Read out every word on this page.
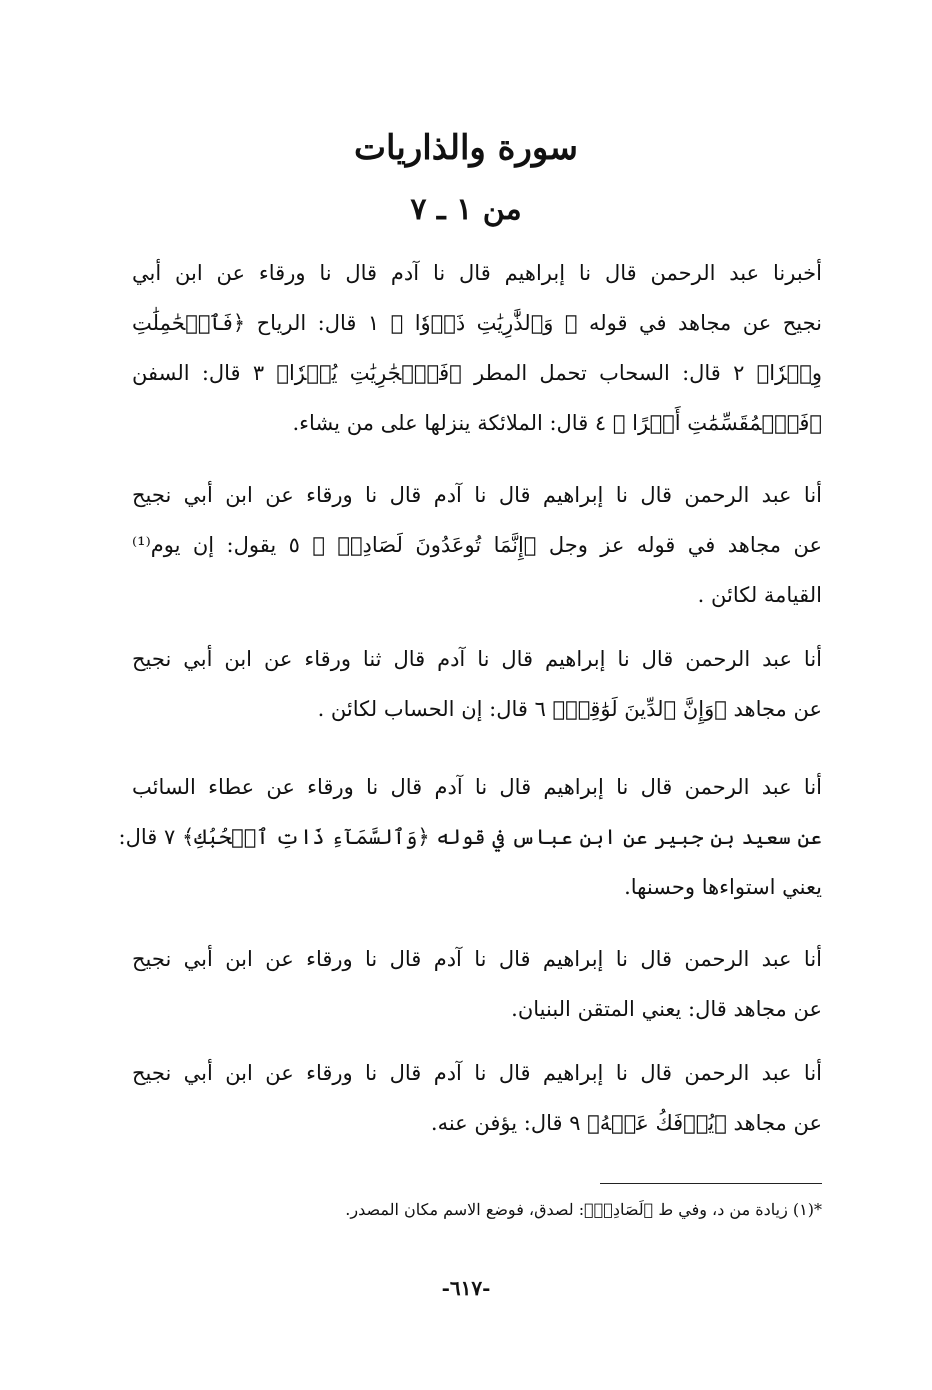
سورة والذاريات
من ١ ـ ٧
أخبرنا عبد الرحمن قال نا إبراهيم قال نا آدم قال نا ورقاء عن ابن أبي
نجيح عن مجاهد في قوله ﴿ وَٱلذَّٰرِيَٰتِ ذَرۡوٗا ﴾ ١ قال: الرياح ﴿فَٱلۡحَٰمِلَٰتِ
وِقۡرٗا﴾ ٢ قال: السحاب تحمل المطر ﴿فَٱلۡجَٰرِيَٰتِ يُسۡرٗا﴾ ٣ قال: السفن
﴿فَٱلۡمُقَسِّمَٰتِ أَمۡرًا ﴾ ٤ قال: الملائكة ينزلها على من يشاء.
أنا عبد الرحمن قال نا إبراهيم قال نا آدم قال نا ورقاء عن ابن أبي نجيح
عن مجاهد في قوله عز وجل ﴿إِنَّمَا تُوعَدُونَ لَصَادِقٞ ﴾ ٥ يقول: إن يوم⁽¹⁾
القيامة لكائن .
أنا عبد الرحمن قال نا إبراهيم قال نا آدم قال ثنا ورقاء عن ابن أبي نجيح
عن مجاهد ﴿وَإِنَّ ٱلدِّينَ لَوَٰقِعٞ﴾ ٦ قال: إن الحساب لكائن .
أنا عبد الرحمن قال نا إبراهيم قال نا آدم قال نا ورقاء عن عطاء السائب
عن سعيد بن جبير عن ابن عباس في قوله ﴿وَٱلسَّمَآءِ ذَاتِ ٱلۡحُبُكِ﴾ ٧ قال:
يعني استواءها وحسنها.
أنا عبد الرحمن قال نا إبراهيم قال نا آدم قال نا ورقاء عن ابن أبي نجيح
عن مجاهد قال: يعني المتقن البنيان.
أنا عبد الرحمن قال نا إبراهيم قال نا آدم قال نا ورقاء عن ابن أبي نجيح
عن مجاهد ﴿يُؤۡفَكُ عَنۡهُ﴾ ٩ قال: يؤفن عنه.
*(١) زيادة من د، وفي ط ﴿لَصَادِقٞ﴾: لصدق، فوضع الاسم مكان المصدر.
-٦١٧-
